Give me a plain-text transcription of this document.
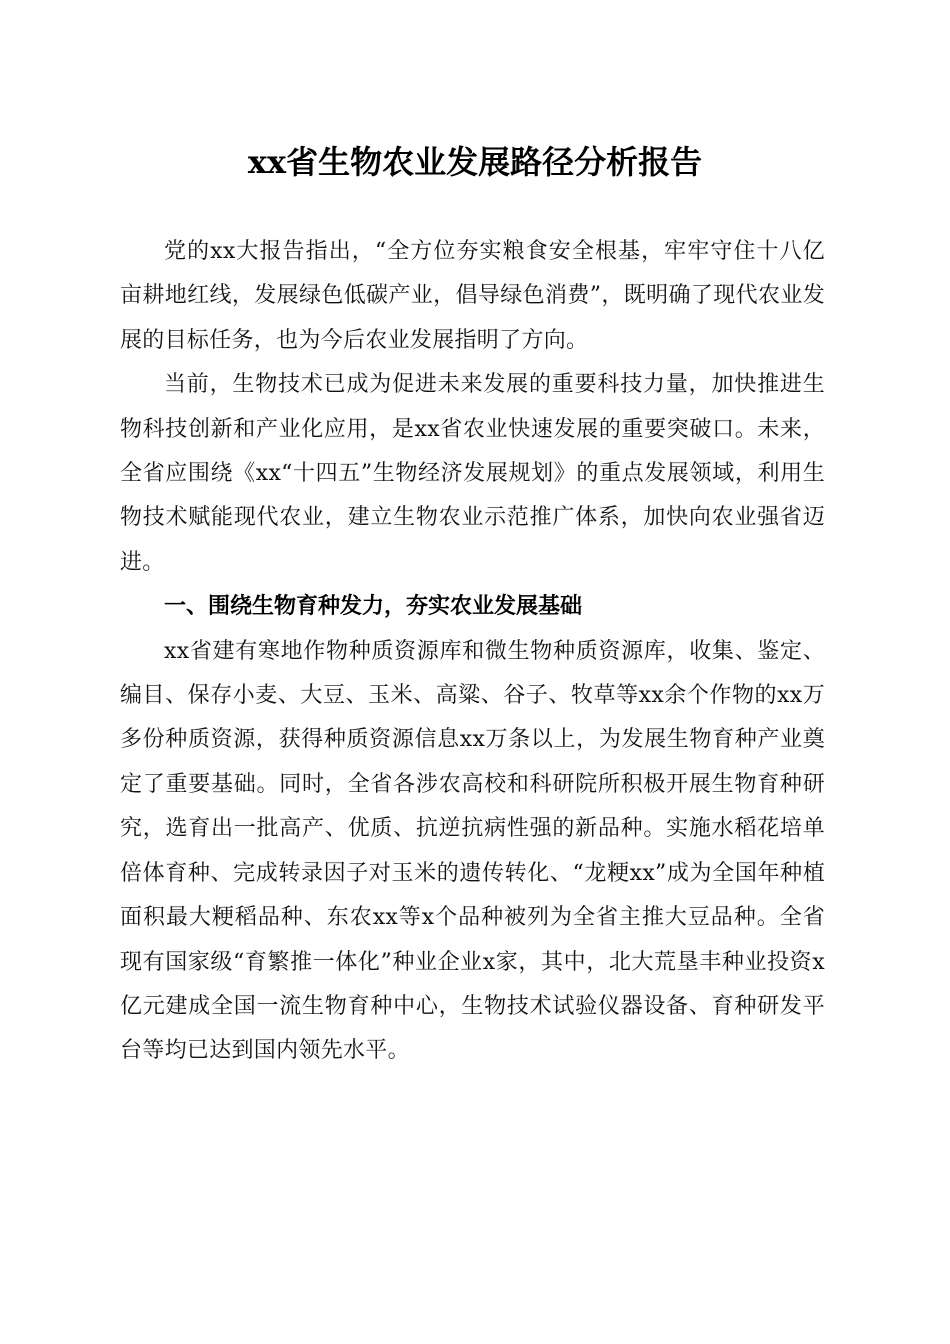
xx省生物农业发展路径分析报告

党的xx大报告指出，“全方位夯实粮食安全根基，牢牢守住十八亿亩耕地红线，发展绿色低碳产业，倡导绿色消费”，既明确了现代农业发展的目标任务，也为今后农业发展指明了方向。

当前，生物技术已成为促进未来发展的重要科技力量，加快推进生物科技创新和产业化应用，是xx省农业快速发展的重要突破口。未来，全省应围绕《xx“十四五”生物经济发展规划》的重点发展领域，利用生物技术赋能现代农业，建立生物农业示范推广体系，加快向农业强省迈进。

一、围绕生物育种发力，夯实农业发展基础

xx省建有寒地作物种质资源库和微生物种质资源库，收集、鉴定、编目、保存小麦、大豆、玉米、高粱、谷子、牧草等xx余个作物的xx万多份种质资源，获得种质资源信息xx万条以上，为发展生物育种产业奠定了重要基础。同时，全省各涉农高校和科研院所积极开展生物育种研究，选育出一批高产、优质、抗逆抗病性强的新品种。实施水稻花培单倍体育种、完成转录因子对玉米的遗传转化、“龙粳xx”成为全国年种植面积最大粳稻品种、东农xx等x个品种被列为全省主推大豆品种。全省现有国家级“育繁推一体化”种业企业x家，其中，北大荒垦丰种业投资x亿元建成全国一流生物育种中心，生物技术试验仪器设备、育种研发平台等均已达到国内领先水平。
